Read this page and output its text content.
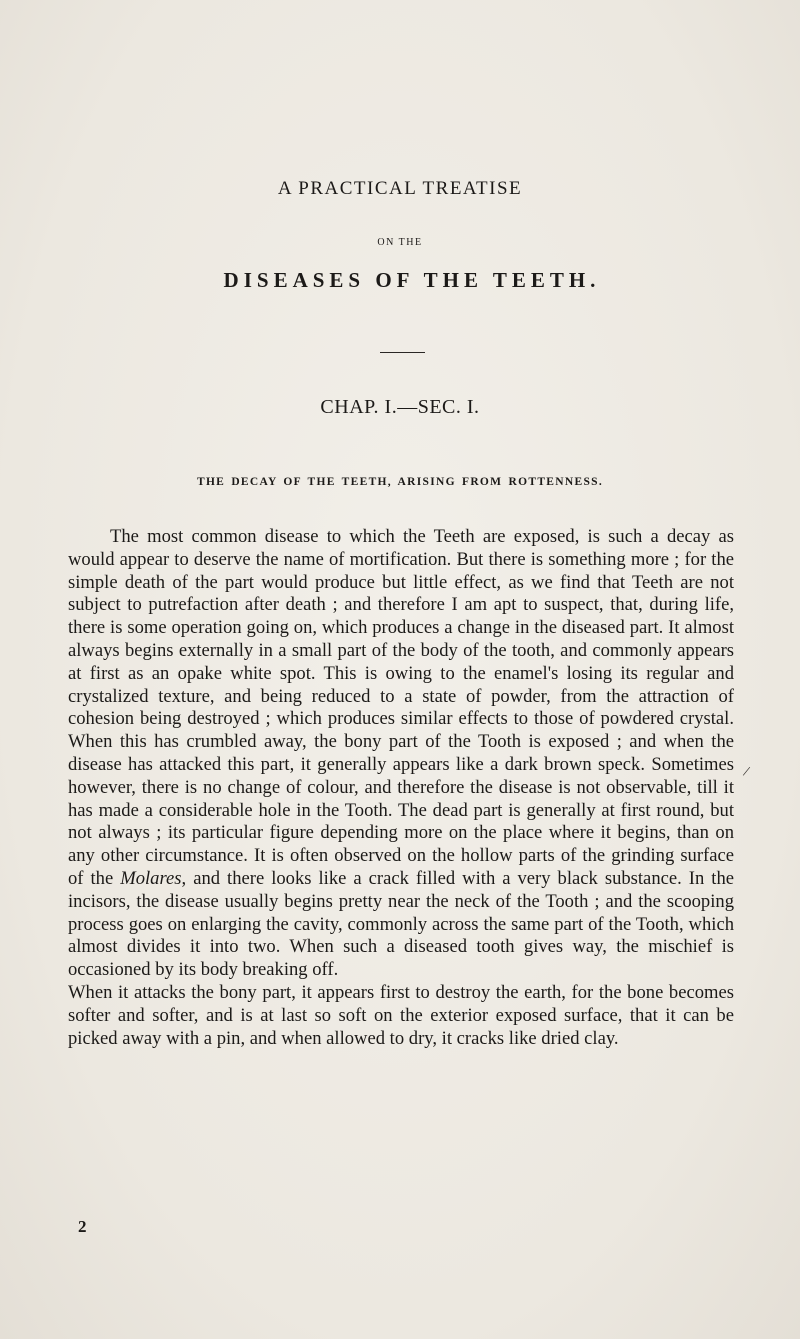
A PRACTICAL TREATISE
ON THE
DISEASES OF THE TEETH.
CHAP. I.—SEC. I.
THE DECAY OF THE TEETH, ARISING FROM ROTTENNESS.

The most common disease to which the Teeth are exposed, is such a decay as would appear to deserve the name of mortification. But there is something more ; for the simple death of the part would produce but little effect, as we find that Teeth are not subject to putrefaction after death ; and therefore I am apt to suspect, that, during life, there is some operation going on, which produces a change in the diseased part. It almost always begins externally in a small part of the body of the tooth, and commonly appears at first as an opake white spot. This is owing to the enamel's losing its regular and crystalized texture, and being reduced to a state of powder, from the attraction of cohesion being destroyed ; which produces similar effects to those of powdered crystal. When this has crumbled away, the bony part of the Tooth is exposed ; and when the disease has attacked this part, it generally appears like a dark brown speck. Sometimes however, there is no change of colour, and therefore the disease is not observable, till it has made a considerable hole in the Tooth. The dead part is generally at first round, but not always ; its particular figure depending more on the place where it begins, than on any other circumstance. It is often observed on the hollow parts of the grinding surface of the Molares, and there looks like a crack filled with a very black substance. In the incisors, the disease usually begins pretty near the neck of the Tooth ; and the scooping process goes on enlarging the cavity, commonly across the same part of the Tooth, which almost divides it into two. When such a diseased tooth gives way, the mischief is occasioned by its body breaking off.

When it attacks the bony part, it appears first to destroy the earth, for the bone becomes softer and softer, and is at last so soft on the exterior exposed surface, that it can be picked away with a pin, and when allowed to dry, it cracks like dried clay.

/
2
